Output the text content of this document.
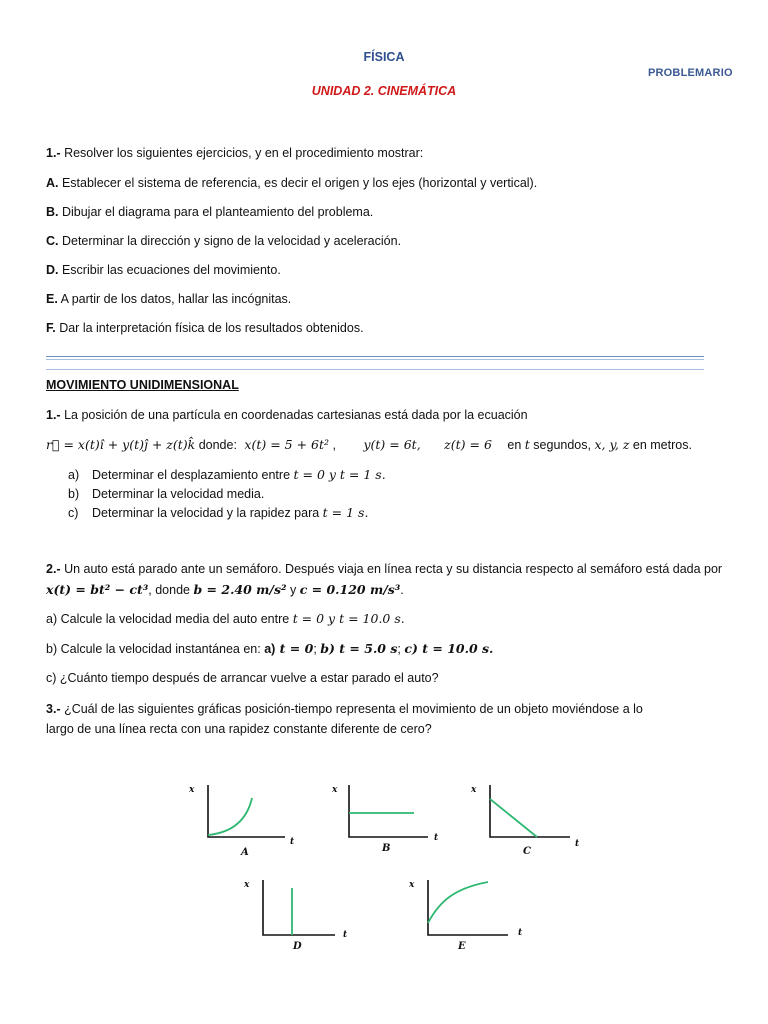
FÍSICA
PROBLEMARIO
UNIDAD 2. CINEMÁTICA
1.- Resolver los siguientes ejercicios, y en el procedimiento mostrar:
A. Establecer el sistema de referencia, es decir el origen y los ejes (horizontal y vertical).
B. Dibujar el diagrama para el planteamiento del problema.
C. Determinar la dirección y signo de la velocidad y aceleración.
D. Escribir las ecuaciones del movimiento.
E. A partir de los datos, hallar las incógnitas.
F. Dar la interpretación física de los resultados obtenidos.
MOVIMIENTO UNIDIMENSIONAL
1.- La posición de una partícula en coordenadas cartesianas está dada por la ecuación
r⃗ = x(t)î + y(t)ĵ + z(t)k̂ donde: x(t) = 5 + 6t² , y(t) = 6t, z(t) = 6 en t segundos, x, y, z en metros.
a) Determinar el desplazamiento entre t = 0 y t = 1 s.
b) Determinar la velocidad media.
c) Determinar la velocidad y la rapidez para t = 1 s.
2.- Un auto está parado ante un semáforo. Después viaja en línea recta y su distancia respecto al semáforo está dada por
x(t) = bt² − ct³, donde b = 2.40 m/s² y c = 0.120 m/s³.
a) Calcule la velocidad media del auto entre t = 0 y t = 10.0 s.
b) Calcule la velocidad instantánea en: a) t = 0; b) t = 5.0 s; c) t = 10.0 s.
c) ¿Cuánto tiempo después de arrancar vuelve a estar parado el auto?
3.- ¿Cuál de las siguientes gráficas posición-tiempo representa el movimiento de un objeto moviéndose a lo
largo de una línea recta con una rapidez constante diferente de cero?
x
t
A
x
t
B
x
t
C
x
t
D
x
t
E
